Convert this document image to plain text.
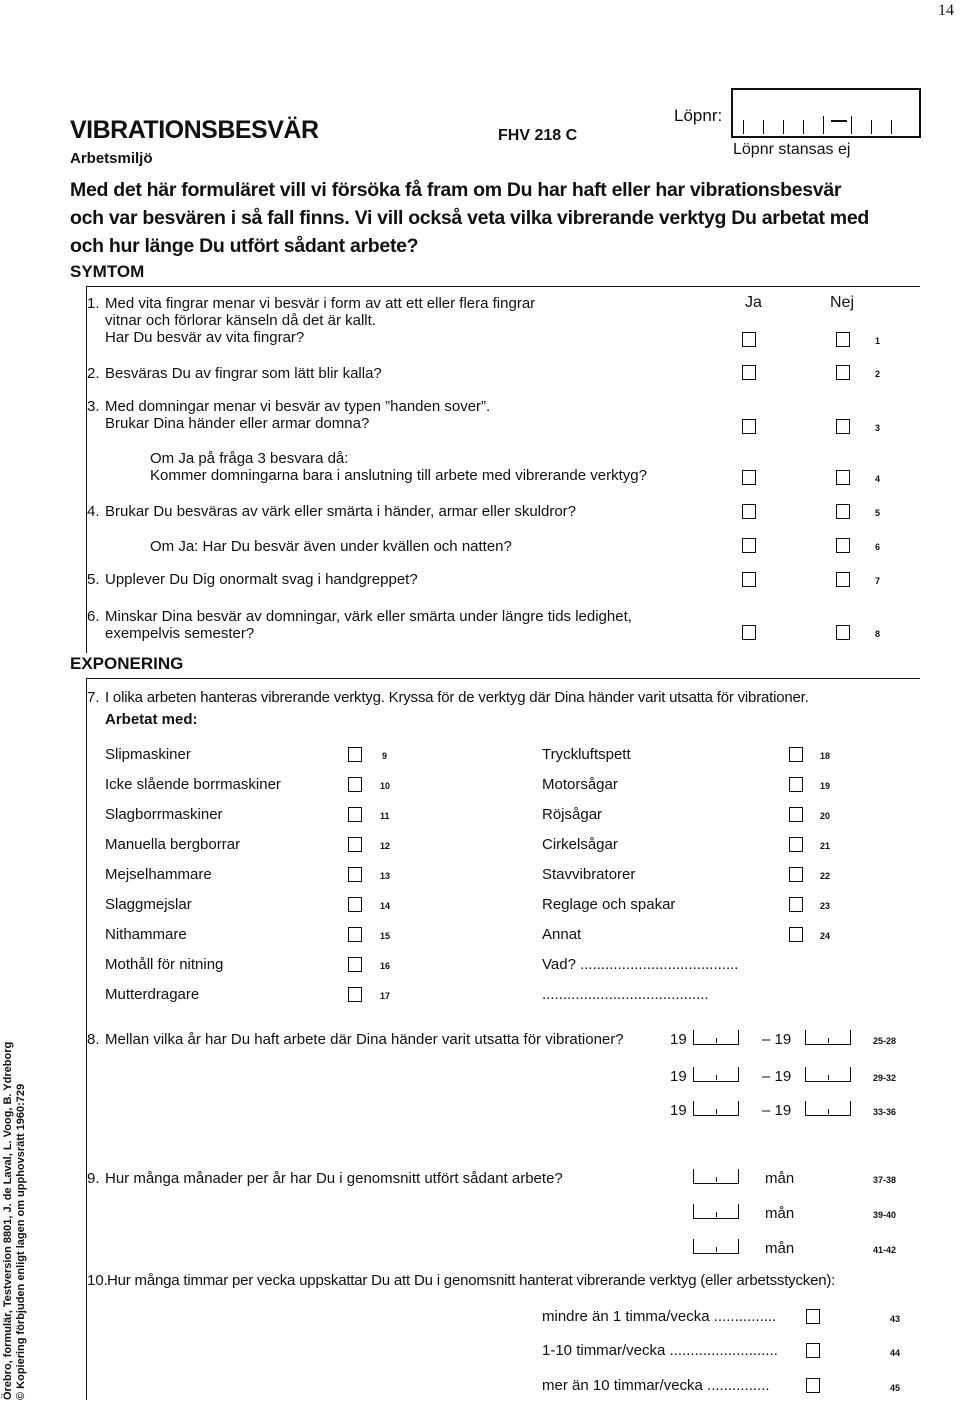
14
VIBRATIONSBESVÄR
Arbetsmiljö
FHV 218 C
Löpnr:
Löpnr stansas ej
Med det här formuläret vill vi försöka få fram om Du har haft eller har vibrationsbesvär
och var besvären i så fall finns. Vi vill också veta vilka vibrerande verktyg Du arbetat med
och hur länge Du utfört sådant arbete?
SYMTOM
Ja	Nej
1. Med vita fingrar menar vi besvär i form av att ett eller flera fingrar
vitnar och förlorar känseln då det är kallt.
Har Du besvär av vita fingrar?	1
2. Besväras Du av fingrar som lätt blir kalla?	2
3. Med domningar menar vi besvär av typen ”handen sover”.
Brukar Dina händer eller armar domna?	3
Om Ja på fråga 3 besvara då:
Kommer domningarna bara i anslutning till arbete med vibrerande verktyg?	4
4. Brukar Du besväras av värk eller smärta i händer, armar eller skuldror?	5
Om Ja: Har Du besvär även under kvällen och natten?	6
5. Upplever Du Dig onormalt svag i handgreppet?	7
6. Minskar Dina besvär av domningar, värk eller smärta under längre tids ledighet,
exempelvis semester?	8
EXPONERING
7. I olika arbeten hanteras vibrerande verktyg. Kryssa för de verktyg där Dina händer varit utsatta för vibrationer.
Arbetat med:
Slipmaskiner	9
Icke slående borrmaskiner	10
Slagborrmaskiner	11
Manuella bergborrar	12
Mejselhammare	13
Slaggmejslar	14
Nithammare	15
Mothåll för nitning	16
Mutterdragare	17
Tryckluftspett	18
Motorsågar	19
Röjsågar	20
Cirkelsågar	21
Stavvibratorer	22
Reglage och spakar	23
Annat	24
Vad? ......................................
........................................
8. Mellan vilka år har Du haft arbete där Dina händer varit utsatta för vibrationer?	19	– 19	25-28
19	– 19	29-32
19	– 19	33-36
9. Hur många månader per år har Du i genomsnitt utfört sådant arbete?	mån	37-38
mån	39-40
mån	41-42
10. Hur många timmar per vecka uppskattar Du att Du i genomsnitt hanterat vibrerande verktyg (eller arbetsstycken):
mindre än 1 timma/vecka ...............	43
1-10 timmar/vecka ..........................	44
mer än 10 timmar/vecka ...............	45
Örebro, formulär, Testversion 8801, J. de Laval, L. Voog, B. Ydreborg © Kopiering förbjuden enligt lagen om upphovsrätt 1960:729
